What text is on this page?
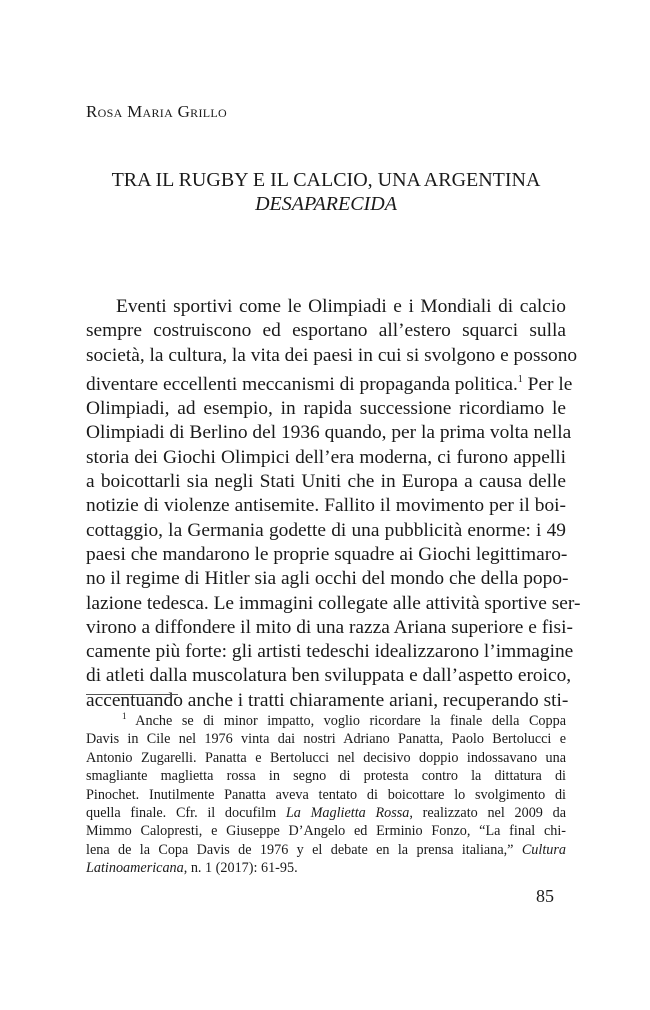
Rosa Maria Grillo
TRA IL RUGBY E IL CALCIO, UNA ARGENTINA
DESAPARECIDA
Eventi sportivi come le Olimpiadi e i Mondiali di calcio
sempre costruiscono ed esportano all’estero squarci sulla
società, la cultura, la vita dei paesi in cui si svolgono e possono
diventare eccellenti meccanismi di propaganda politica.$^1$ Per le
Olimpiadi, ad esempio, in rapida successione ricordiamo le
Olimpiadi di Berlino del 1936 quando, per la prima volta nella
storia dei Giochi Olimpici dell’era moderna, ci furono appelli
a boicottarli sia negli Stati Uniti che in Europa a causa delle
notizie di violenze antisemite. Fallito il movimento per il boi-
cottaggio, la Germania godette di una pubblicità enorme: i 49
paesi che mandarono le proprie squadre ai Giochi legittimaro-
no il regime di Hitler sia agli occhi del mondo che della popo-
lazione tedesca. Le immagini collegate alle attività sportive ser-
virono a diffondere il mito di una razza Ariana superiore e fisi-
camente più forte: gli artisti tedeschi idealizzarono l’immagine
di atleti dalla muscolatura ben sviluppata e dall’aspetto eroico,
accentuando anche i tratti chiaramente ariani, recuperando sti-
$^1$ Anche se di minor impatto, voglio ricordare la finale della Coppa
Davis in Cile nel 1976 vinta dai nostri Adriano Panatta, Paolo Bertolucci e
Antonio Zugarelli. Panatta e Bertolucci nel decisivo doppio indossavano una
smagliante maglietta rossa in segno di protesta contro la dittatura di
Pinochet. Inutilmente Panatta aveva tentato di boicottare lo svolgimento di
quella finale. Cfr. il docufilm La Maglietta Rossa, realizzato nel 2009 da
Mimmo Calopresti, e Giuseppe D’Angelo ed Erminio Fonzo, “La final chi-
lena de la Copa Davis de 1976 y el debate en la prensa italiana,” Cultura
Latinoamericana, n. 1 (2017): 61-95.
85
